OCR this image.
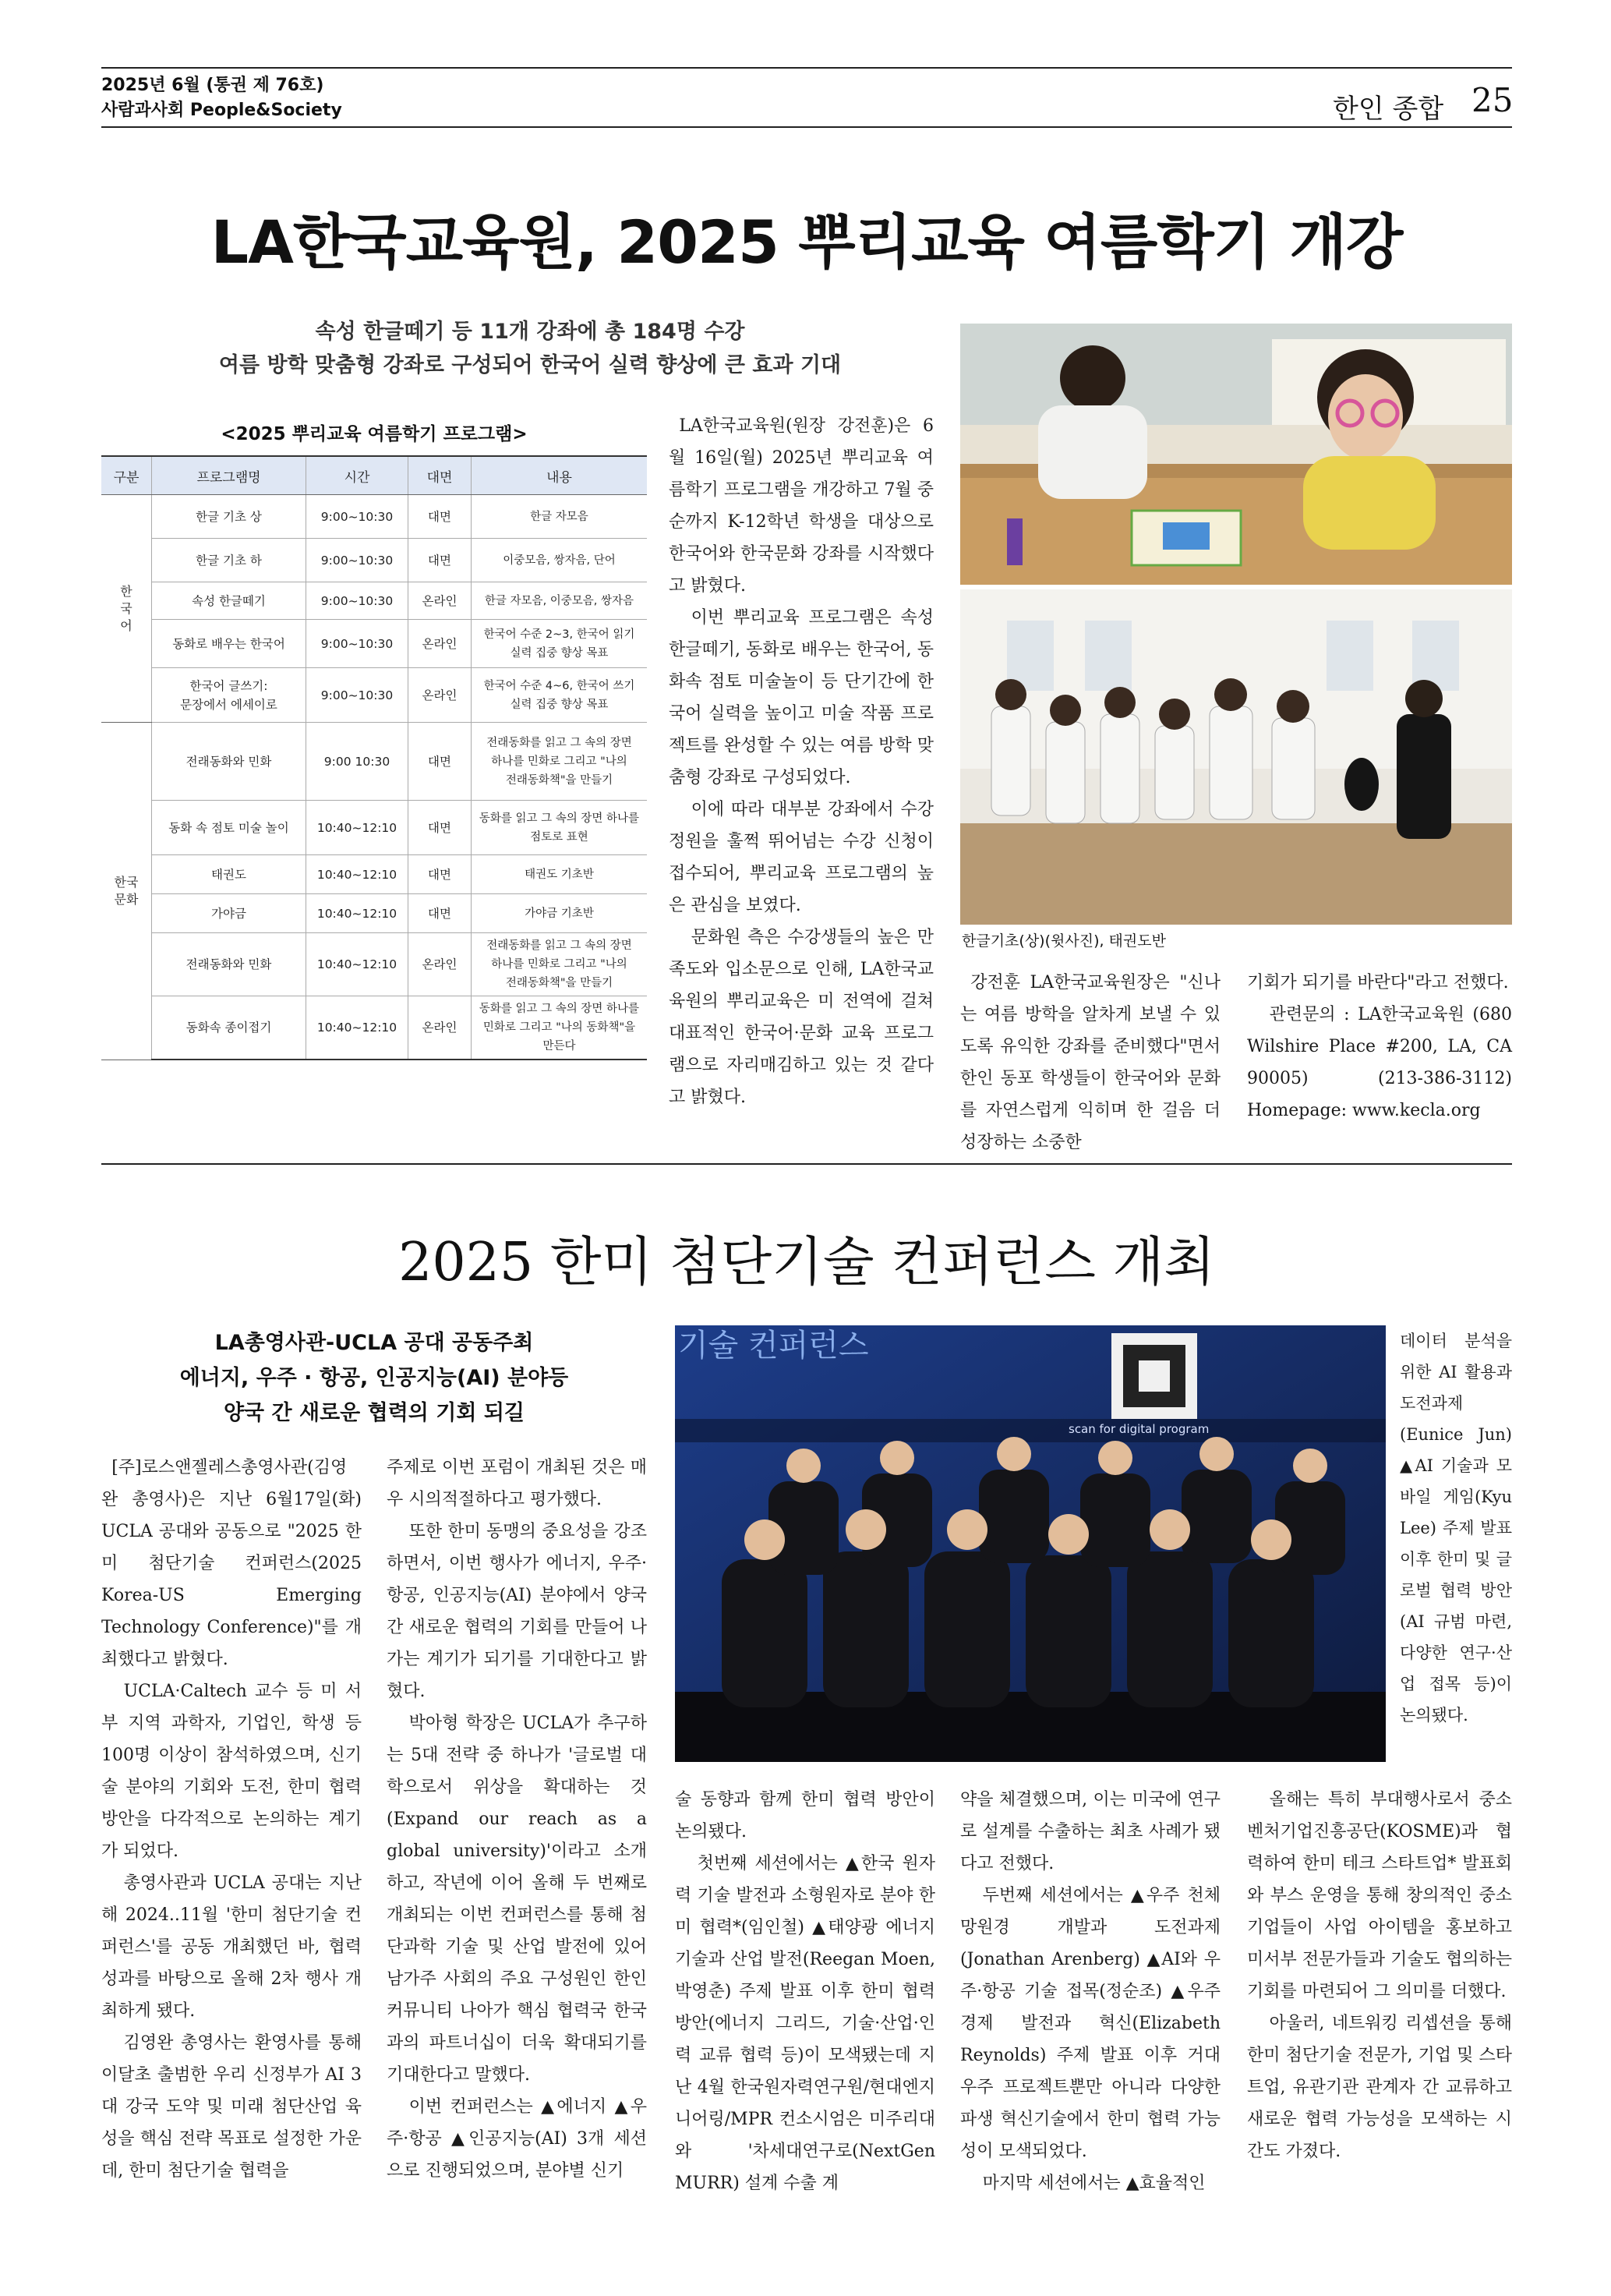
2025년 6월 (통권 제 76호)
사람과사회 People&Society	한인 종합 25
LA한국교육원, 2025 뿌리교육 여름학기 개강
속성 한글떼기 등 11개 강좌에 총 184명 수강
여름 방학 맞춤형 강좌로 구성되어 한국어 실력 향상에 큰 효과 기대
<2025 뿌리교육 여름학기 프로그램>
구분	프로그램명	시간	대면	내용
한
국
어	한글 기초 상	9:00~10:30	대면	한글 자모음
	한글 기초 하	9:00~10:30	대면	이중모음, 쌍자음, 단어
	속성 한글떼기	9:00~10:30	온라인	한글 자모음, 이중모음, 쌍자음
	동화로 배우는 한국어	9:00~10:30	온라인	한국어 수준 2~3, 한국어 읽기
실력 집중 향상 목표
	한국어 글쓰기:
문장에서 에세이로	9:00~10:30	온라인	한국어 수준 4~6, 한국어 쓰기
실력 집중 향상 목표
한국
문화	전래동화와 민화	9:00 10:30	대면	전래동화를 읽고 그 속의 장면
하나를 민화로 그리고 "나의
전래동화책"을 만들기
	동화 속 점토 미술 놀이	10:40~12:10	대면	동화를 읽고 그 속의 장면 하나를
점토로 표현
	태권도	10:40~12:10	대면	태권도 기초반
	가야금	10:40~12:10	대면	가야금 기초반
	전래동화와 민화	10:40~12:10	온라인	전래동화를 읽고 그 속의 장면
하나를 민화로 그리고 "나의
전래동화책"을 만들기
	동화속 종이접기	10:40~12:10	온라인	동화를 읽고 그 속의 장면 하나를
민화로 그리고 "나의 동화책"을
만든다

LA한국교육원(원장 강전훈)은 6월 16일(월) 2025년 뿌리교육 여름학기 프로그램을 개강하고 7월 중순까지 K-12학년 학생을 대상으로 한국어와 한국문화 강좌를 시작했다고 밝혔다.

이번 뿌리교육 프로그램은 속성 한글떼기, 동화로 배우는 한국어, 동화속 점토 미술놀이 등 단기간에 한국어 실력을 높이고 미술 작품 프로젝트를 완성할 수 있는 여름 방학 맞춤형 강좌로 구성되었다.

이에 따라 대부분 강좌에서 수강 정원을 훌쩍 뛰어넘는 수강 신청이 접수되어, 뿌리교육 프로그램의 높은 관심을 보였다.

문화원 측은 수강생들의 높은 만족도와 입소문으로 인해, LA한국교육원의 뿌리교육은 미 전역에 걸쳐 대표적인 한국어·문화 교육 프로그램으로 자리매김하고 있는 것 같다고 밝혔다.

한글기초(상)(윗사진), 태권도반

강전훈 LA한국교육원장은 "신나는 여름 방학을 알차게 보낼 수 있도록 유익한 강좌를 준비했다"면서 한인 동포 학생들이 한국어와 문화를 자연스럽게 익히며 한 걸음 더 성장하는 소중한

기회가 되기를 바란다"라고 전했다.

관련문의 : LA한국교육원 (680 Wilshire Place #200, LA, CA 90005) (213-386-3112) Homepage: www.kecla.org

2025 한미 첨단기술 컨퍼런스 개최
LA총영사관-UCLA 공대 공동주최
에너지, 우주 · 항공, 인공지능(AI) 분야등
양국 간 새로운 협력의 기회 되길
기술 컨퍼런스
scan for digital program

[주]로스앤젤레스총영사관(김영완 총영사)은 지난 6월17일(화) UCLA 공대와 공동으로 "2025 한미 첨단기술 컨퍼런스(2025 Korea-US Emerging Technology Conference)"를 개최했다고 밝혔다.

UCLA·Caltech 교수 등 미 서부 지역 과학자, 기업인, 학생 등 100명 이상이 참석하였으며, 신기술 분야의 기회와 도전, 한미 협력 방안을 다각적으로 논의하는 계기가 되었다.

총영사관과 UCLA 공대는 지난해 2024..11월 '한미 첨단기술 컨퍼런스'를 공동 개최했던 바, 협력 성과를 바탕으로 올해 2차 행사 개최하게 됐다.

김영완 총영사는 환영사를 통해 이달초 출범한 우리 신정부가 AI 3대 강국 도약 및 미래 첨단산업 육성을 핵심 전략 목표로 설정한 가운데, 한미 첨단기술 협력을

주제로 이번 포럼이 개최된 것은 매우 시의적절하다고 평가했다.

또한 한미 동맹의 중요성을 강조하면서, 이번 행사가 에너지, 우주·항공, 인공지능(AI) 분야에서 양국 간 새로운 협력의 기회를 만들어 나가는 계기가 되기를 기대한다고 밝혔다.

박아형 학장은 UCLA가 추구하는 5대 전략 중 하나가 '글로벌 대학으로서 위상을 확대하는 것(Expand our reach as a global university)'이라고 소개하고, 작년에 이어 올해 두 번째로 개최되는 이번 컨퍼런스를 통해 첨단과학 기술 및 산업 발전에 있어 남가주 사회의 주요 구성원인 한인 커뮤니티 나아가 핵심 협력국 한국과의 파트너십이 더욱 확대되기를 기대한다고 말했다.

이번 컨퍼런스는 ▲에너지 ▲우주·항공 ▲인공지능(AI) 3개 세션으로 진행되었으며, 분야별 신기

술 동향과 함께 한미 협력 방안이 논의됐다.

첫번째 세션에서는 ▲한국 원자력 기술 발전과 소형원자로 분야 한미 협력*(임인철) ▲태양광 에너지 기술과 산업 발전(Reegan Moen, 박영춘) 주제 발표 이후 한미 협력 방안(에너지 그리드, 기술·산업·인력 교류 협력 등)이 모색됐는데 지난 4월 한국원자력연구원/현대엔지니어링/MPR 컨소시엄은 미주리대와 '차세대연구로(NextGen MURR) 설계 수출 계

약을 체결했으며, 이는 미국에 연구로 설계를 수출하는 최초 사례가 됐다고 전했다.

두번째 세션에서는 ▲우주 천체망원경 개발과 도전과제(Jonathan Arenberg) ▲AI와 우주·항공 기술 접목(정순조) ▲우주 경제 발전과 혁신(Elizabeth Reynolds) 주제 발표 이후 거대 우주 프로젝트뿐만 아니라 다양한 파생 혁신기술에서 한미 협력 가능성이 모색되었다.

마지막 세션에서는 ▲효율적인

올해는 특히 부대행사로서 중소벤처기업진흥공단(KOSME)과 협력하여 한미 테크 스타트업* 발표회와 부스 운영을 통해 창의적인 중소기업들이 사업 아이템을 홍보하고 미서부 전문가들과 기술도 협의하는 기회를 마련되어 그 의미를 더했다.

아울러, 네트워킹 리셉션을 통해 한미 첨단기술 전문가, 기업 및 스타트업, 유관기관 관계자 간 교류하고 새로운 협력 가능성을 모색하는 시간도 가졌다.

데이터 분석을 위한 AI 활용과 도전과제(Eunice Jun) ▲AI 기술과 모바일 게임(Kyu Lee) 주제 발표 이후 한미 및 글로벌 협력 방안(AI 규범 마련, 다양한 연구·산업 접목 등)이 논의됐다.
